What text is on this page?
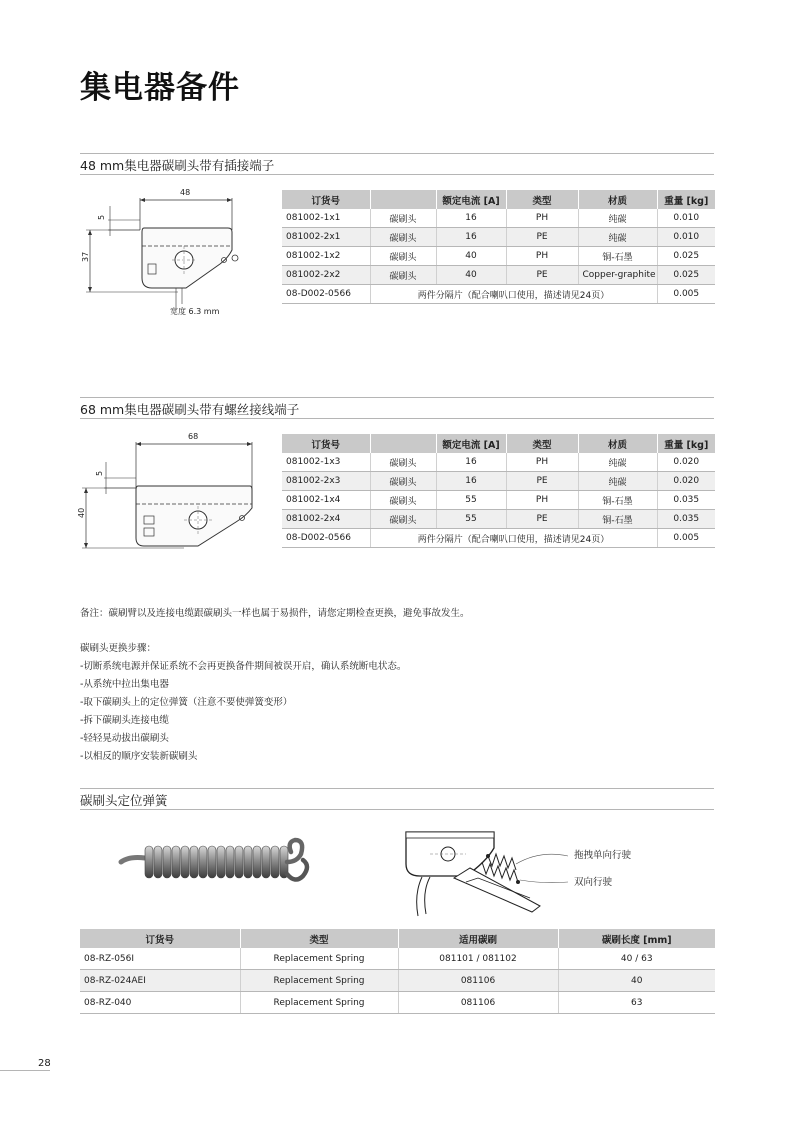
集电器备件
48 mm集电器碳刷头带有插接端子
48
5
37
宽度 6.3 mm
订货号		额定电流 [A]	类型	材质	重量 [kg]
081002-1x1	碳刷头	16	PH	纯碳	0.010
081002-2x1	碳刷头	16	PE	纯碳	0.010
081002-1x2	碳刷头	40	PH	铜-石墨	0.025
081002-2x2	碳刷头	40	PE	Copper-graphite	0.025
08-D002-0566	两件分隔片（配合喇叭口使用，描述请见24页）				0.005
68 mm集电器碳刷头带有螺丝接线端子
68
5
40
订货号		额定电流 [A]	类型	材质	重量 [kg]
081002-1x3	碳刷头	16	PH	纯碳	0.020
081002-2x3	碳刷头	16	PE	纯碳	0.020
081002-1x4	碳刷头	55	PH	铜-石墨	0.035
081002-2x4	碳刷头	55	PE	铜-石墨	0.035
08-D002-0566	两件分隔片（配合喇叭口使用，描述请见24页）				0.005
备注：碳刷臂以及连接电缆跟碳刷头一样也属于易损件，请您定期检查更换，避免事故发生。
碳刷头更换步骤：
-切断系统电源并保证系统不会再更换备件期间被误开启，确认系统断电状态。
-从系统中拉出集电器
-取下碳刷头上的定位弹簧（注意不要使弹簧变形）
-拆下碳刷头连接电缆
-轻轻晃动拔出碳刷头
-以相反的顺序安装新碳刷头
碳刷头定位弹簧
拖拽单向行驶
双向行驶
订货号	类型	适用碳刷	碳刷长度 [mm]
08-RZ-056Ⅰ	Replacement Spring	081101 / 081102	40 / 63
08-RZ-024AEⅠ	Replacement Spring	081106	40
08-RZ-040	Replacement Spring	081106	63
28
